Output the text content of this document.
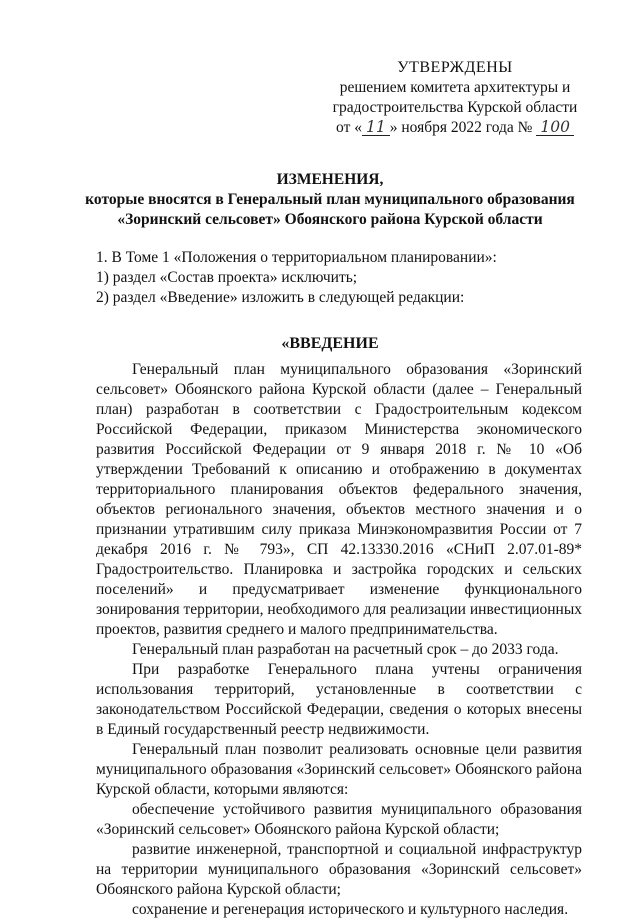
УТВЕРЖДЕНЫ
решением комитета архитектуры и
градостроительства Курской области
от « 11 » ноября 2022 года № 100
ИЗМЕНЕНИЯ,
которые вносятся в Генеральный план муниципального образования
«Зоринский сельсовет» Обоянского района Курской области
1. В Томе 1 «Положения о территориальном планировании»:
1) раздел «Состав проекта» исключить;
2) раздел «Введение» изложить в следующей редакции:
«ВВЕДЕНИЕ

Генеральный план муниципального образования «Зоринский сельсовет» Обоянского района Курской области (далее – Генеральный план) разработан в соответствии с Градостроительным кодексом Российской Федерации, приказом Министерства экономического развития Российской Федерации от 9 января 2018 г. № 10 «Об утверждении Требований к описанию и отображению в документах территориального планирования объектов федерального значения, объектов регионального значения, объектов местного значения и о признании утратившим силу приказа Минэкономразвития России от 7 декабря 2016 г. № 793», СП 42.13330.2016 «СНиП 2.07.01-89* Градостроительство. Планировка и застройка городских и сельских поселений» и предусматривает изменение функционального зонирования территории, необходимого для реализации инвестиционных проектов, развития среднего и малого предпринимательства.

Генеральный план разработан на расчетный срок – до 2033 года.

При разработке Генерального плана учтены ограничения использования территорий, установленные в соответствии с законодательством Российской Федерации, сведения о которых внесены в Единый государственный реестр недвижимости.

Генеральный план позволит реализовать основные цели развития муниципального образования «Зоринский сельсовет» Обоянского района Курской области, которыми являются:

обеспечение устойчивого развития муниципального образования «Зоринский сельсовет» Обоянского района Курской области;

развитие инженерной, транспортной и социальной инфраструктур на территории муниципального образования «Зоринский сельсовет» Обоянского района Курской области;

сохранение и регенерация исторического и культурного наследия.
